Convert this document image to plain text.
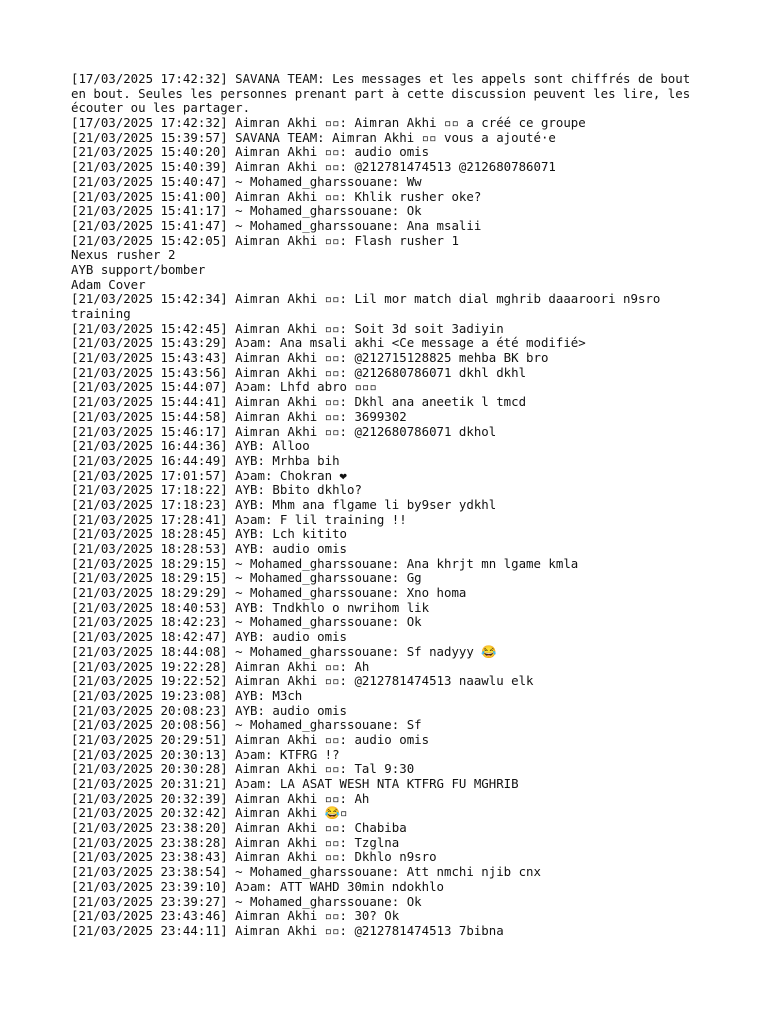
[17/03/2025 17:42:32] SAVANA TEAM: Les messages et les appels sont chiffrés de bout
en bout. Seules les personnes prenant part à cette discussion peuvent les lire, les
écouter ou les partager.
[17/03/2025 17:42:32] Aimran Akhi ▫▫: Aimran Akhi ▫▫ a créé ce groupe
[21/03/2025 15:39:57] SAVANA TEAM: Aimran Akhi ▫▫ vous a ajouté·e
[21/03/2025 15:40:20] Aimran Akhi ▫▫: audio omis
[21/03/2025 15:40:39] Aimran Akhi ▫▫: @212781474513 @212680786071
[21/03/2025 15:40:47] ~ Mohamed_gharssouane: Ww
[21/03/2025 15:41:00] Aimran Akhi ▫▫: Khlik rusher oke?
[21/03/2025 15:41:17] ~ Mohamed_gharssouane: Ok
[21/03/2025 15:41:47] ~ Mohamed_gharssouane: Ana msalii
[21/03/2025 15:42:05] Aimran Akhi ▫▫: Flash rusher 1
Nexus rusher 2
AYB support/bomber
Adam Cover
[21/03/2025 15:42:34] Aimran Akhi ▫▫: Lil mor match dial mghrib daaaroori n9sro
training
[21/03/2025 15:42:45] Aimran Akhi ▫▫: Soit 3d soit 3adiyin
[21/03/2025 15:43:29] Aɔam: Ana msali akhi <Ce message a été modifié>
[21/03/2025 15:43:43] Aimran Akhi ▫▫: @212715128825 mehba BK bro
[21/03/2025 15:43:56] Aimran Akhi ▫▫: @212680786071 dkhl dkhl
[21/03/2025 15:44:07] Aɔam: Lhfd abro ▫▫▫
[21/03/2025 15:44:41] Aimran Akhi ▫▫: Dkhl ana aneetik l tmcd
[21/03/2025 15:44:58] Aimran Akhi ▫▫: 3699302
[21/03/2025 15:46:17] Aimran Akhi ▫▫: @212680786071 dkhol
[21/03/2025 16:44:36] AYB: Alloo
[21/03/2025 16:44:49] AYB: Mrhba bih
[21/03/2025 17:01:57] Aɔam: Chokran ❤
[21/03/2025 17:18:22] AYB: Bbito dkhlo?
[21/03/2025 17:18:23] AYB: Mhm ana flgame li by9ser ydkhl
[21/03/2025 17:28:41] Aɔam: F lil training !!
[21/03/2025 18:28:45] AYB: Lch kitito
[21/03/2025 18:28:53] AYB: audio omis
[21/03/2025 18:29:15] ~ Mohamed_gharssouane: Ana khrjt mn lgame kmla
[21/03/2025 18:29:15] ~ Mohamed_gharssouane: Gg
[21/03/2025 18:29:29] ~ Mohamed_gharssouane: Xno homa
[21/03/2025 18:40:53] AYB: Tndkhlo o nwrihom lik
[21/03/2025 18:42:23] ~ Mohamed_gharssouane: Ok
[21/03/2025 18:42:47] AYB: audio omis
[21/03/2025 18:44:08] ~ Mohamed_gharssouane: Sf nadyyy 😂
[21/03/2025 19:22:28] Aimran Akhi ▫▫: Ah
[21/03/2025 19:22:52] Aimran Akhi ▫▫: @212781474513 naawlu elk
[21/03/2025 19:23:08] AYB: M3ch
[21/03/2025 20:08:23] AYB: audio omis
[21/03/2025 20:08:56] ~ Mohamed_gharssouane: Sf
[21/03/2025 20:29:51] Aimran Akhi ▫▫: audio omis
[21/03/2025 20:30:13] Aɔam: KTFRG !?
[21/03/2025 20:30:28] Aimran Akhi ▫▫: Tal 9:30
[21/03/2025 20:31:21] Aɔam: LA ASAT WESH NTA KTFRG FU MGHRIB
[21/03/2025 20:32:39] Aimran Akhi ▫▫: Ah
[21/03/2025 20:32:42] Aimran Akhi 😂▫
[21/03/2025 23:38:20] Aimran Akhi ▫▫: Chabiba
[21/03/2025 23:38:28] Aimran Akhi ▫▫: Tzglna
[21/03/2025 23:38:43] Aimran Akhi ▫▫: Dkhlo n9sro
[21/03/2025 23:38:54] ~ Mohamed_gharssouane: Att nmchi njib cnx
[21/03/2025 23:39:10] Aɔam: ATT WAHD 30min ndokhlo
[21/03/2025 23:39:27] ~ Mohamed_gharssouane: Ok
[21/03/2025 23:43:46] Aimran Akhi ▫▫: 30? Ok
[21/03/2025 23:44:11] Aimran Akhi ▫▫: @212781474513 7bibna
